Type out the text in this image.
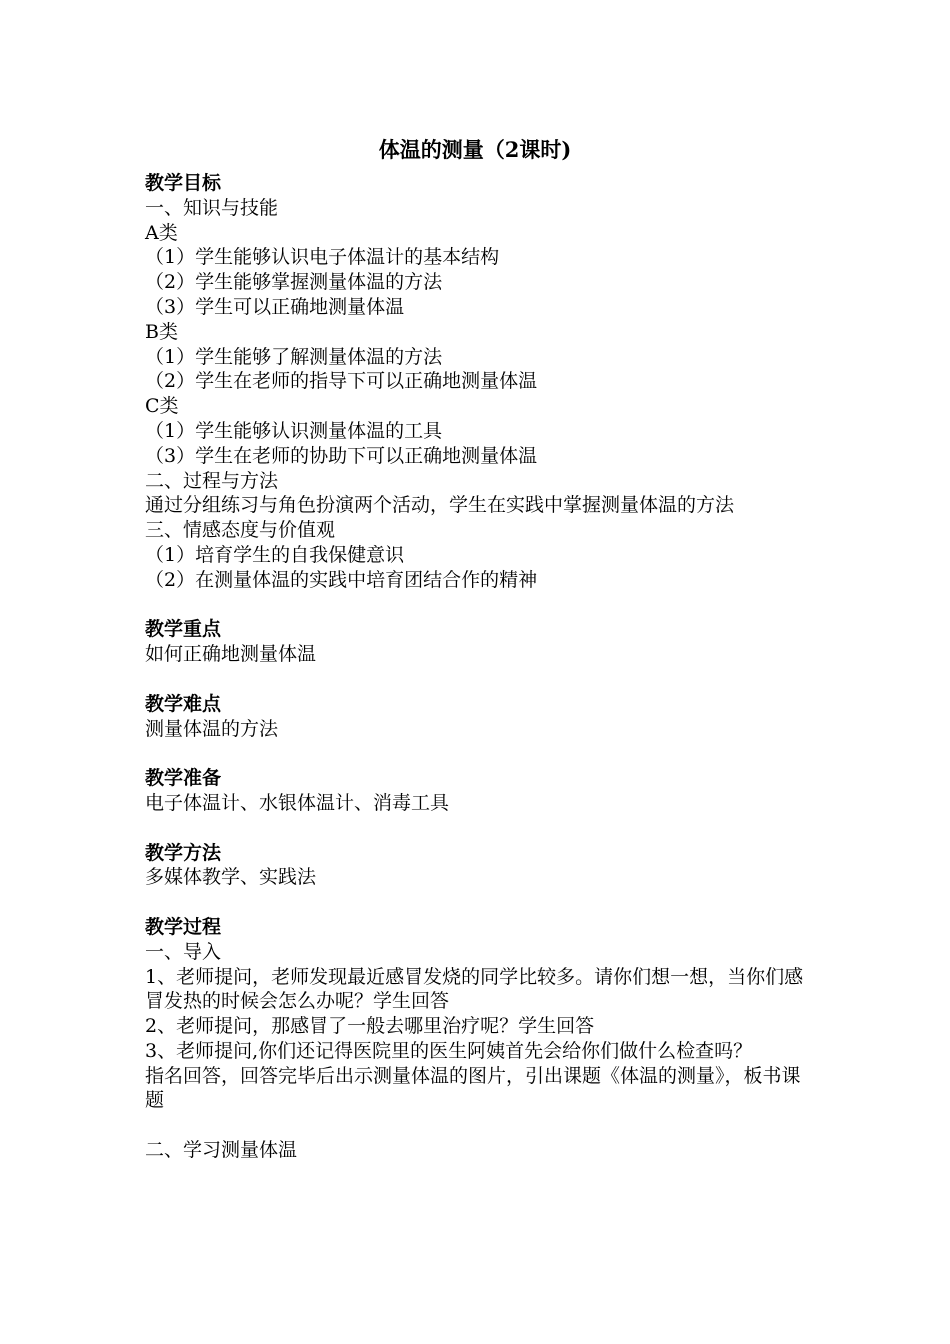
体温的测量（2课时)
教学目标
一、知识与技能
A类
（1）学生能够认识电子体温计的基本结构
（2）学生能够掌握测量体温的方法
（3）学生可以正确地测量体温
B类
（1）学生能够了解测量体温的方法
（2）学生在老师的指导下可以正确地测量体温
C类
（1）学生能够认识测量体温的工具
（3）学生在老师的协助下可以正确地测量体温
二、过程与方法
通过分组练习与角色扮演两个活动，学生在实践中掌握测量体温的方法
三、情感态度与价值观
（1）培育学生的自我保健意识
（2）在测量体温的实践中培育团结合作的精神
教学重点
如何正确地测量体温
教学难点
测量体温的方法
教学准备
电子体温计、水银体温计、消毒工具
教学方法
多媒体教学、实践法
教学过程
一、导入
1、老师提问，老师发现最近感冒发烧的同学比较多。请你们想一想，当你们感冒发热的时候会怎么办呢？学生回答
2、老师提问，那感冒了一般去哪里治疗呢？学生回答
3、老师提问,你们还记得医院里的医生阿姨首先会给你们做什么检查吗？
指名回答，回答完毕后出示测量体温的图片，引出课题《体温的测量》，板书课题
二、学习测量体温
